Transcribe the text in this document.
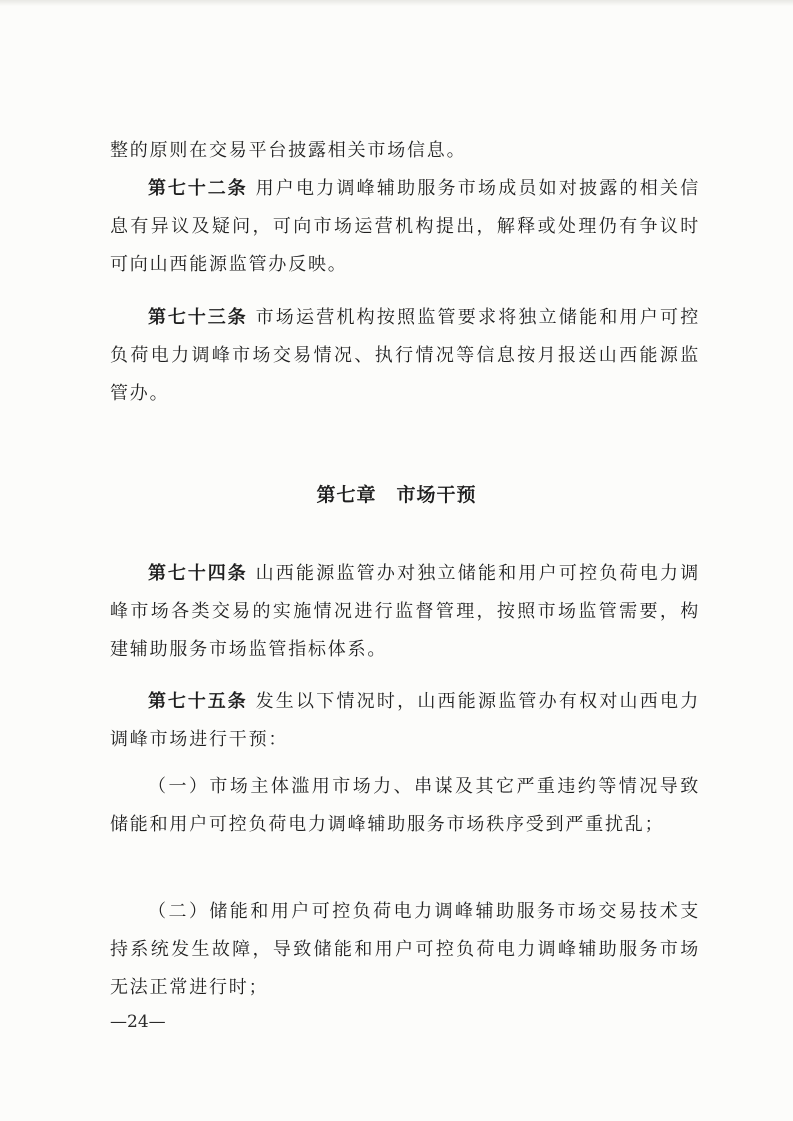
整的原则在交易平台披露相关市场信息。

第七十二条 用户电力调峰辅助服务市场成员如对披露的相关信息有异议及疑问，可向市场运营机构提出，解释或处理仍有争议时可向山西能源监管办反映。

第七十三条 市场运营机构按照监管要求将独立储能和用户可控负荷电力调峰市场交易情况、执行情况等信息按月报送山西能源监管办。

第七章　市场干预

第七十四条 山西能源监管办对独立储能和用户可控负荷电力调峰市场各类交易的实施情况进行监督管理，按照市场监管需要，构建辅助服务市场监管指标体系。

第七十五条 发生以下情况时，山西能源监管办有权对山西电力调峰市场进行干预：

（一）市场主体滥用市场力、串谋及其它严重违约等情况导致储能和用户可控负荷电力调峰辅助服务市场秩序受到严重扰乱；

（二）储能和用户可控负荷电力调峰辅助服务市场交易技术支持系统发生故障，导致储能和用户可控负荷电力调峰辅助服务市场无法正常进行时；

—24—
